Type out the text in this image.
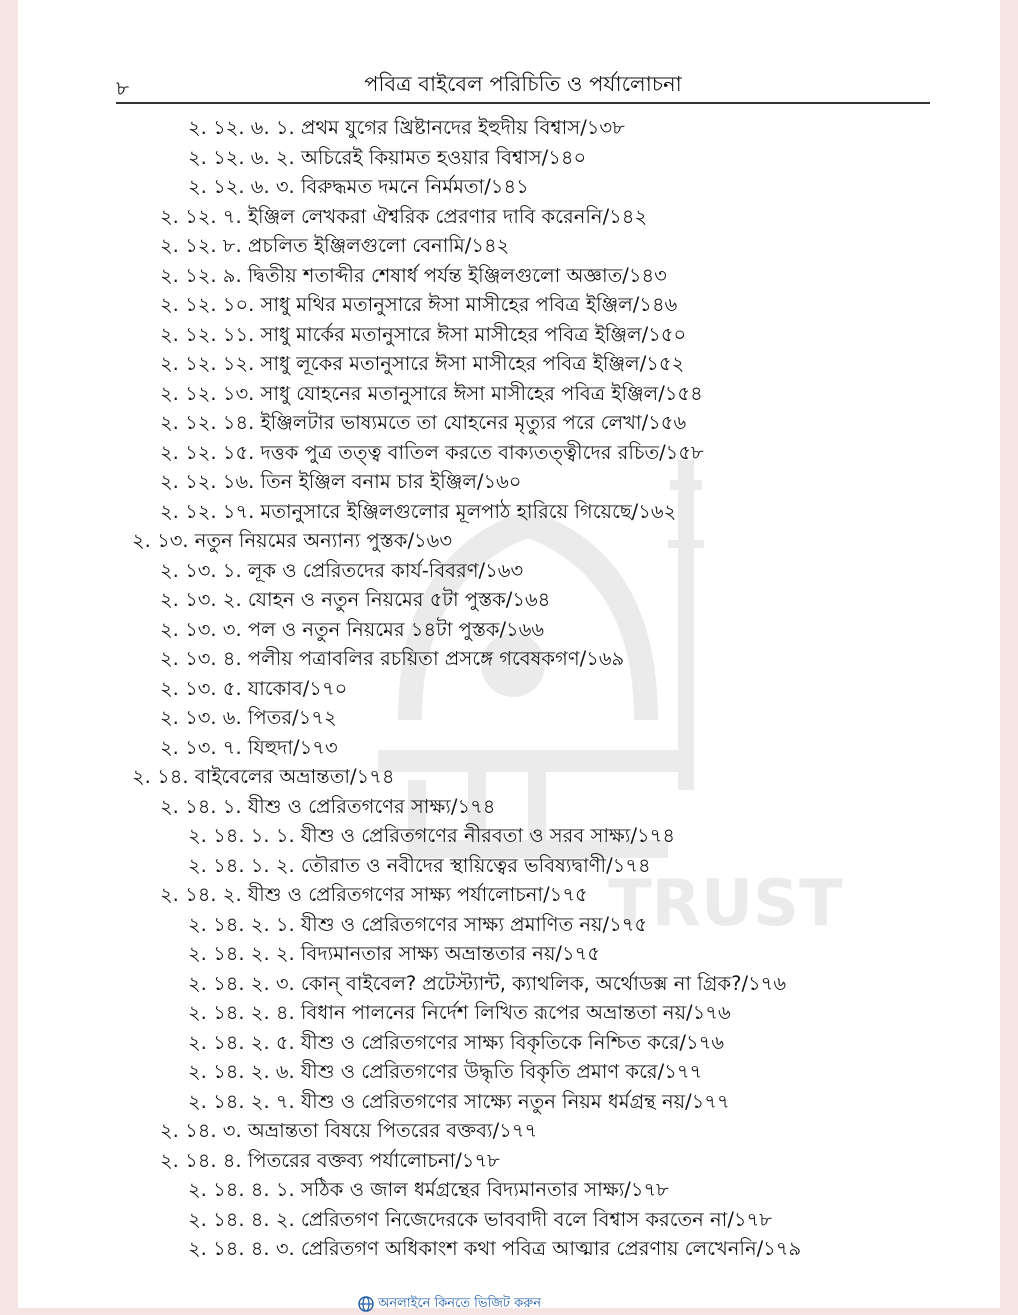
TRUST
৮	পবিত্র বাইবেল পরিচিতি ও পর্যালোচনা
২. ১২. ৬. ১. প্রথম যুগের খ্রিষ্টানদের ইহুদীয় বিশ্বাস/১৩৮
২. ১২. ৬. ২. অচিরেই কিয়ামত হওয়ার বিশ্বাস/১৪০
২. ১২. ৬. ৩. বিরুদ্ধমত দমনে নির্মমতা/১৪১
২. ১২. ৭. ইঞ্জিল লেখকরা ঐশ্বরিক প্রেরণার দাবি করেননি/১৪২
২. ১২. ৮. প্রচলিত ইঞ্জিলগুলো বেনামি/১৪২
২. ১২. ৯. দ্বিতীয় শতাব্দীর শেষার্ধ পর্যন্ত ইঞ্জিলগুলো অজ্ঞাত/১৪৩
২. ১২. ১০. সাধু মথির মতানুসারে ঈসা মাসীহের পবিত্র ইঞ্জিল/১৪৬
২. ১২. ১১. সাধু মার্কের মতানুসারে ঈসা মাসীহের পবিত্র ইঞ্জিল/১৫০
২. ১২. ১২. সাধু লূকের মতানুসারে ঈসা মাসীহের পবিত্র ইঞ্জিল/১৫২
২. ১২. ১৩. সাধু যোহনের মতানুসারে ঈসা মাসীহের পবিত্র ইঞ্জিল/১৫৪
২. ১২. ১৪. ইঞ্জিলটার ভাষ্যমতে তা যোহনের মৃত্যুর পরে লেখা/১৫৬
২. ১২. ১৫. দত্তক পুত্র তত্ত্ব বাতিল করতে বাক্যতত্ত্বীদের রচিত/১৫৮
২. ১২. ১৬. তিন ইঞ্জিল বনাম চার ইঞ্জিল/১৬০
২. ১২. ১৭. মতানুসারে ইঞ্জিলগুলোর মূলপাঠ হারিয়ে গিয়েছে/১৬২
২. ১৩. নতুন নিয়মের অন্যান্য পুস্তক/১৬৩
২. ১৩. ১. লূক ও প্রেরিতদের কার্য-বিবরণ/১৬৩
২. ১৩. ২. যোহন ও নতুন নিয়মের ৫টা পুস্তক/১৬৪
২. ১৩. ৩. পল ও নতুন নিয়মের ১৪টা পুস্তক/১৬৬
২. ১৩. ৪. পলীয় পত্রাবলির রচয়িতা প্রসঙ্গে গবেষকগণ/১৬৯
২. ১৩. ৫. যাকোব/১৭০
২. ১৩. ৬. পিতর/১৭২
২. ১৩. ৭. যিহুদা/১৭৩
২. ১৪. বাইবেলের অভ্রান্ততা/১৭৪
২. ১৪. ১. যীশু ও প্রেরিতগণের সাক্ষ্য/১৭৪
২. ১৪. ১. ১. যীশু ও প্রেরিতগণের নীরবতা ও সরব সাক্ষ্য/১৭৪
২. ১৪. ১. ২. তৌরাত ও নবীদের স্থায়িত্বের ভবিষ্যদ্বাণী/১৭৪
২. ১৪. ২. যীশু ও প্রেরিতগণের সাক্ষ্য পর্যালোচনা/১৭৫
২. ১৪. ২. ১. যীশু ও প্রেরিতগণের সাক্ষ্য প্রমাণিত নয়/১৭৫
২. ১৪. ২. ২. বিদ্যমানতার সাক্ষ্য অভ্রান্ততার নয়/১৭৫
২. ১৪. ২. ৩. কোন্ বাইবেল? প্রটেস্ট্যান্ট, ক্যাথলিক, অর্থোডক্স না গ্রিক?/১৭৬
২. ১৪. ২. ৪. বিধান পালনের নির্দেশ লিখিত রূপের অভ্রান্ততা নয়/১৭৬
২. ১৪. ২. ৫. যীশু ও প্রেরিতগণের সাক্ষ্য বিকৃতিকে নিশ্চিত করে/১৭৬
২. ১৪. ২. ৬. যীশু ও প্রেরিতগণের উদ্ধৃতি বিকৃতি প্রমাণ করে/১৭৭
২. ১৪. ২. ৭. যীশু ও প্রেরিতগণের সাক্ষ্যে নতুন নিয়ম ধর্মগ্রন্থ নয়/১৭৭
২. ১৪. ৩. অভ্রান্ততা বিষয়ে পিতরের বক্তব্য/১৭৭
২. ১৪. ৪. পিতরের বক্তব্য পর্যালোচনা/১৭৮
২. ১৪. ৪. ১. সঠিক ও জাল ধর্মগ্রন্থের বিদ্যমানতার সাক্ষ্য/১৭৮
২. ১৪. ৪. ২. প্রেরিতগণ নিজেদেরকে ভাববাদী বলে বিশ্বাস করতেন না/১৭৮
২. ১৪. ৪. ৩. প্রেরিতগণ অধিকাংশ কথা পবিত্র আত্মার প্রেরণায় লেখেননি/১৭৯
অনলাইনে কিনতে ভিজিট করুন
